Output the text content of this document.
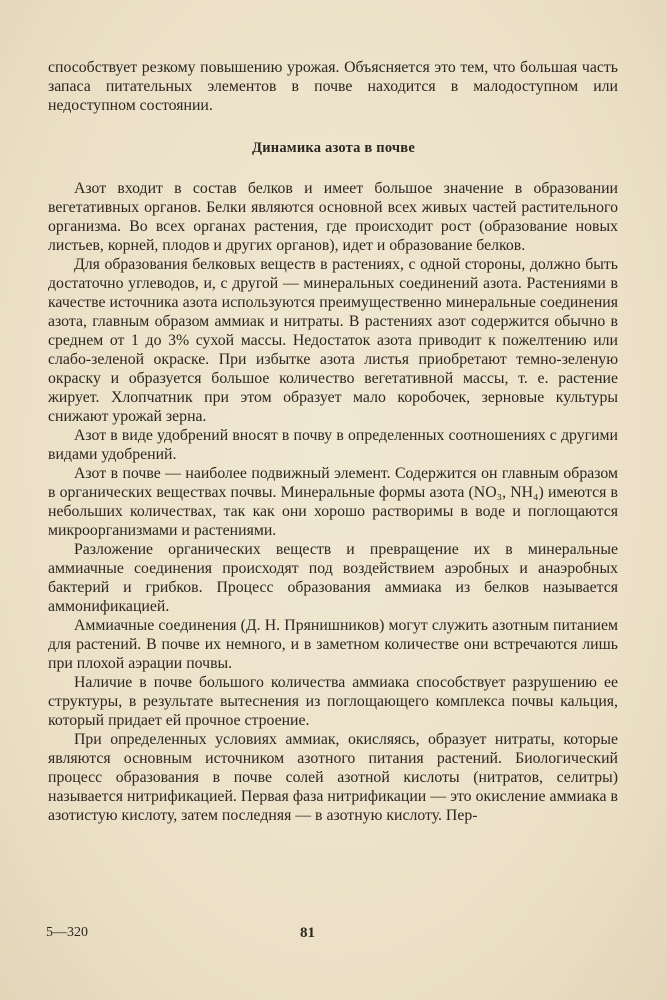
способствует резкому повышению урожая. Объясняется это тем, что большая часть запаса питательных элементов в почве находится в малодоступном или недоступном состоянии.

Динамика азота в почве

Азот входит в состав белков и имеет большое значение в образовании вегетативных органов. Белки являются основной всех живых частей растительного организма. Во всех органах растения, где происходит рост (образование новых листьев, корней, плодов и других органов), идет и образование белков.

Для образования белковых веществ в растениях, с одной стороны, должно быть достаточно углеводов, и, с другой — минеральных соединений азота. Растениями в качестве источника азота используются преимущественно минеральные соединения азота, главным образом аммиак и нитраты. В растениях азот содержится обычно в среднем от 1 до 3% сухой массы. Недостаток азота приводит к пожелтению или слабо-зеленой окраске. При избытке азота листья приобретают темно-зеленую окраску и образуется большое количество вегетативной массы, т. е. растение жирует. Хлопчатник при этом образует мало коробочек, зерновые культуры снижают урожай зерна.

Азот в виде удобрений вносят в почву в определенных соотношениях с другими видами удобрений.

Азот в почве — наиболее подвижный элемент. Содержится он главным образом в органических веществах почвы. Минеральные формы азота (NO₃, NH₄) имеются в небольших количествах, так как они хорошо растворимы в воде и поглощаются микроорганизмами и растениями.

Разложение органических веществ и превращение их в минеральные аммиачные соединения происходят под воздействием аэробных и анаэробных бактерий и грибков. Процесс образования аммиака из белков называется аммонификацией.

Аммиачные соединения (Д. Н. Прянишников) могут служить азотным питанием для растений. В почве их немного, и в заметном количестве они встречаются лишь при плохой аэрации почвы.

Наличие в почве большого количества аммиака способствует разрушению ее структуры, в результате вытеснения из поглощающего комплекса почвы кальция, который придает ей прочное строение.

При определенных условиях аммиак, окисляясь, образует нитраты, которые являются основным источником азотного питания растений. Биологический процесс образования в почве солей азотной кислоты (нитратов, селитры) называется нитрификацией. Первая фаза нитрификации — это окисление аммиака в азотистую кислоту, затем последняя — в азотную кислоту. Пер-

5—320	81
